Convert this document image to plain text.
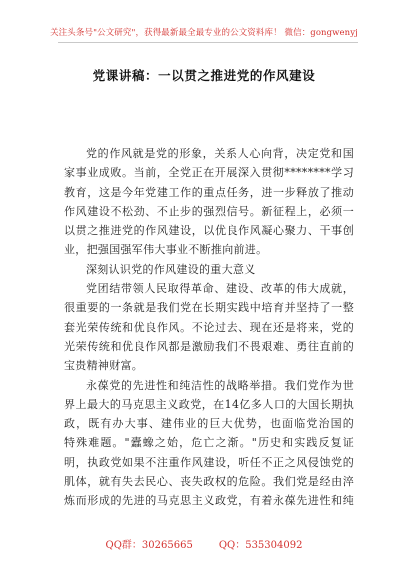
关注头条号"公文研究"，获得最新最全最专业的公文资料库！ 微信：gongwenyj
党课讲稿：一以贯之推进党的作风建设
党的作风就是党的形象，关系人心向背，决定党和国
家事业成败。当前，全党正在开展深入贯彻********学习
教育，这是今年党建工作的重点任务，进一步释放了推动
作风建设不松劲、不止步的强烈信号。新征程上，必须一
以贯之推进党的作风建设，以优良作风凝心聚力、干事创
业，把强国强军伟大事业不断推向前进。
深刻认识党的作风建设的重大意义
党团结带领人民取得革命、建设、改革的伟大成就，
很重要的一条就是我们党在长期实践中培育并坚持了一整
套光荣传统和优良作风。不论过去、现在还是将来，党的
光荣传统和优良作风都是激励我们不畏艰难、勇往直前的
宝贵精神财富。
永葆党的先进性和纯洁性的战略举措。我们党作为世
界上最大的马克思主义政党，在14亿多人口的大国长期执
政，既有办大事、建伟业的巨大优势，也面临党治国的
特殊难题。"蠹蟓之始，危亡之渐。"历史和实践反复证
明，执政党如果不注重作风建设，听任不正之风侵蚀党的
肌体，就有失去民心、丧失政权的危险。我们党是经由淬
炼而形成的先进的马克思主义政党，有着永葆先进性和纯
QQ群：30265665	QQ：535304092
